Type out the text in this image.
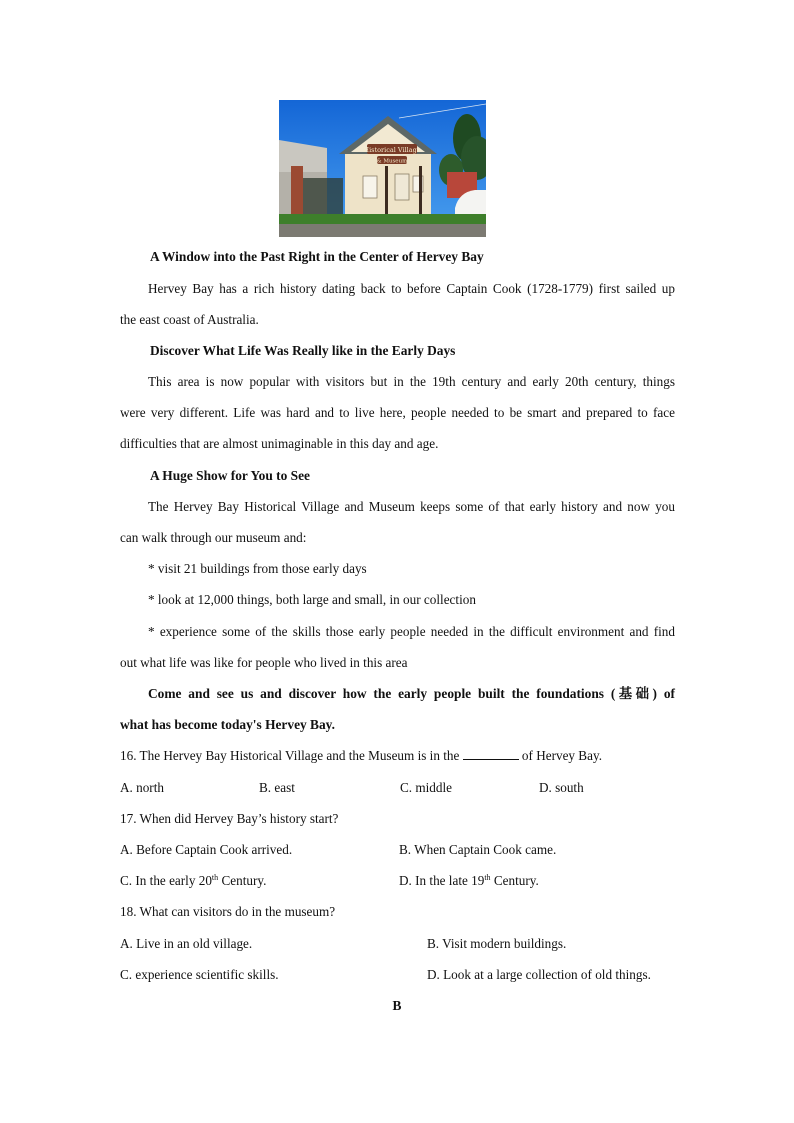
Historical Village
& Museum
A Window into the Past Right in the Center of Hervey Bay
Hervey Bay has a rich history dating back to before Captain Cook (1728-1779) first sailed up
the east coast of Australia.
Discover What Life Was Really like in the Early Days
This area is now popular with visitors but in the 19th century and early 20th century, things
were very different. Life was hard and to live here, people needed to be smart and prepared to face
difficulties that are almost unimaginable in this day and age.
A Huge Show for You to See
The Hervey Bay Historical Village and Museum keeps some of that early history and now you
can walk through our museum and:
* visit 21 buildings from those early days
* look at 12,000 things, both large and small, in our collection
* experience some of the skills those early people needed in the difficult environment and find
out what life was like for people who lived in this area
Come and see us and discover how the early people built the foundations (基础) of
what has become today's Hervey Bay.
16. The Hervey Bay Historical Village and the Museum is in the	of Hervey Bay.
A. north	B. east	C. middle	D. south
17. When did Hervey Bay’s history start?
A. Before Captain Cook arrived.	B. When Captain Cook came.
C. In the early 20th Century.	D. In the late 19th Century.
18. What can visitors do in the museum?
A. Live in an old village.	B. Visit modern buildings.
C. experience scientific skills.	D. Look at a large collection of old things.
B
